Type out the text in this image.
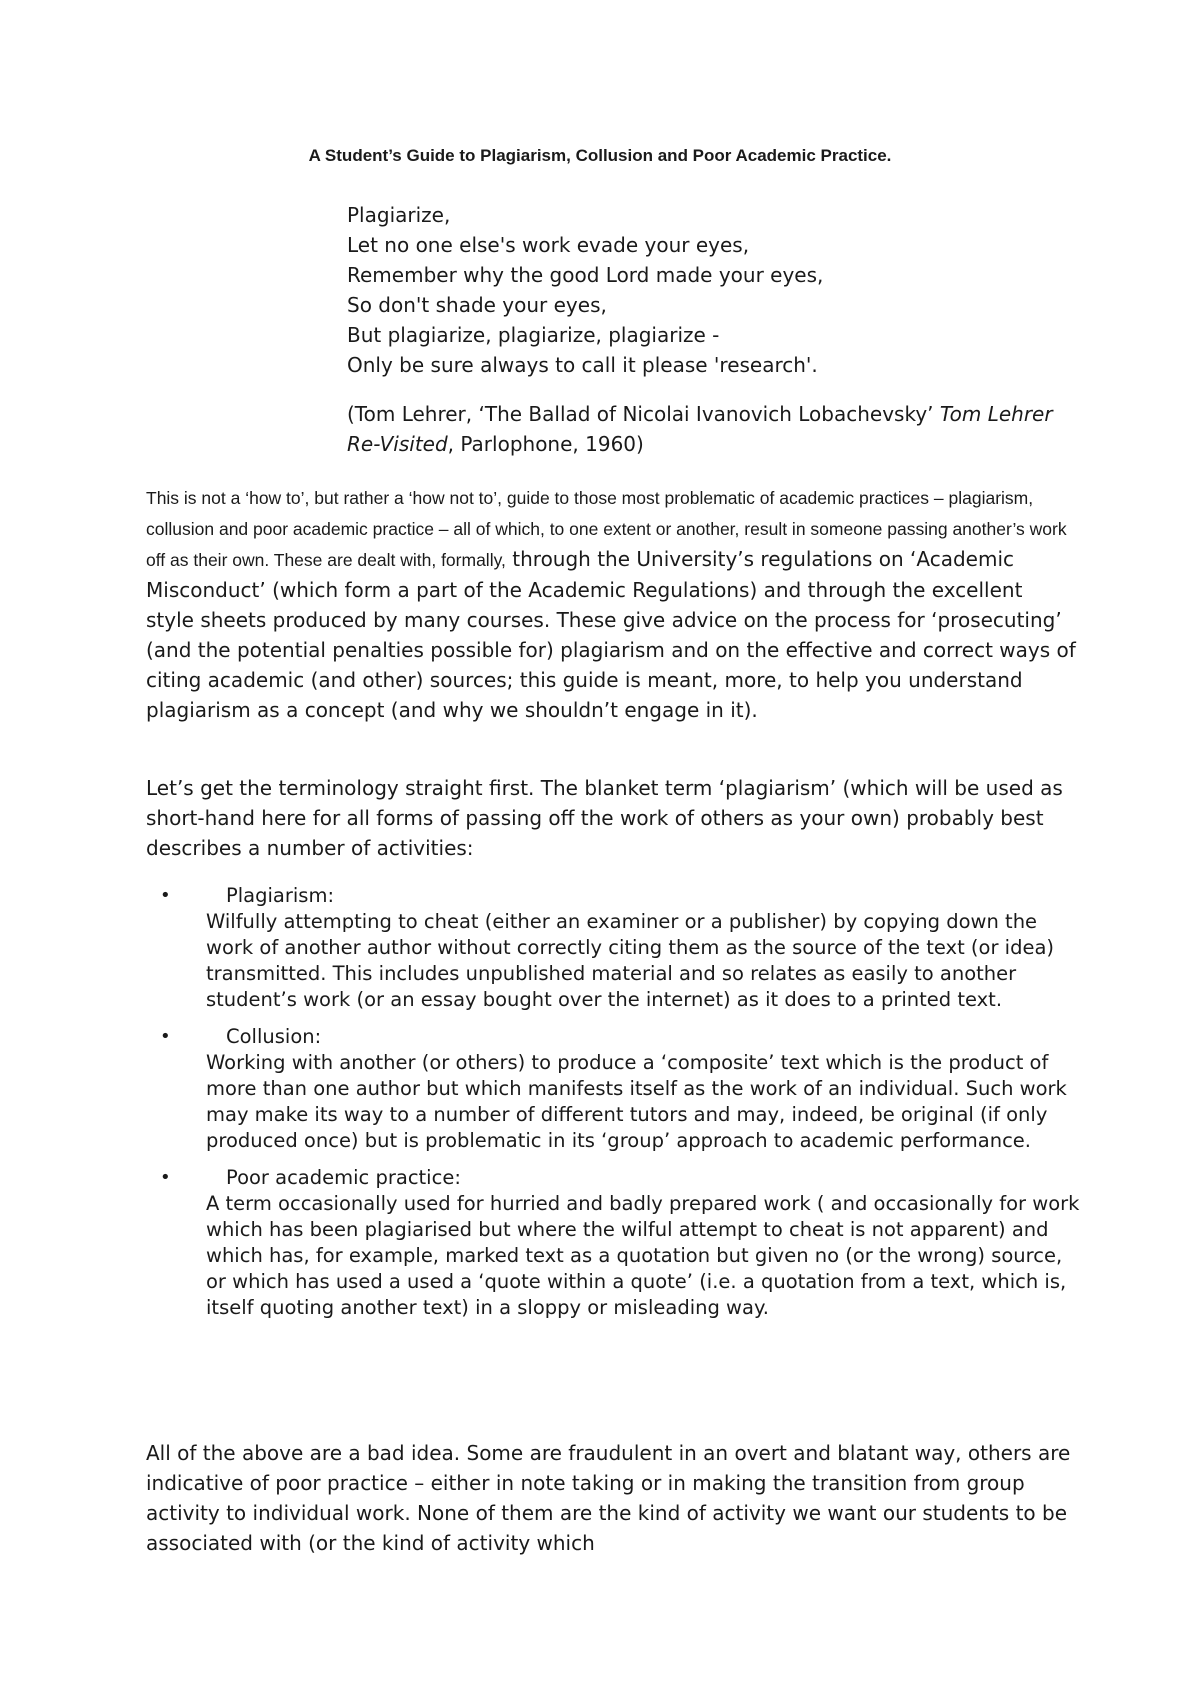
A Student’s Guide to Plagiarism, Collusion and Poor Academic Practice.
Plagiarize,
Let no one else's work evade your eyes,
Remember why the good Lord made your eyes,
So don't shade your eyes,
But plagiarize, plagiarize, plagiarize -
Only be sure always to call it please 'research'.
(Tom Lehrer, ‘The Ballad of Nicolai Ivanovich Lobachevsky’ Tom Lehrer Re-Visited, Parlophone, 1960)

This is not a ‘how to’, but rather a ‘how not to’, guide to those most problematic of academic practices – plagiarism, collusion and poor academic practice – all of which, to one extent or another, result in someone passing another’s work off as their own. These are dealt with, formally, through the University’s regulations on ‘Academic Misconduct’ (which form a part of the Academic Regulations) and through the excellent style sheets produced by many courses. These give advice on the process for ‘prosecuting’ (and the potential penalties possible for) plagiarism and on the effective and correct ways of citing academic (and other) sources; this guide is meant, more, to help you understand plagiarism as a concept (and why we shouldn’t engage in it).

Let’s get the terminology straight first. The blanket term ‘plagiarism’ (which will be used as short-hand here for all forms of passing off the work of others as your own) probably best describes a number of activities:

•	Plagiarism:
Wilfully attempting to cheat (either an examiner or a publisher) by copying down the work of another author without correctly citing them as the source of the text (or idea) transmitted. This includes unpublished material and so relates as easily to another student’s work (or an essay bought over the internet) as it does to a printed text.
•	Collusion:
Working with another (or others) to produce a ‘composite’ text which is the product of more than one author but which manifests itself as the work of an individual. Such work may make its way to a number of different tutors and may, indeed, be original (if only produced once) but is problematic in its ‘group’ approach to academic performance.
•	Poor academic practice:
A term occasionally used for hurried and badly prepared work ( and occasionally for work which has been plagiarised but where the wilful attempt to cheat is not apparent) and which has, for example, marked text as a quotation but given no (or the wrong) source, or which has used a used a ‘quote within a quote’ (i.e. a quotation from a text, which is, itself quoting another text) in a sloppy or misleading way.

All of the above are a bad idea. Some are fraudulent in an overt and blatant way, others are indicative of poor practice – either in note taking or in making the transition from group activity to individual work. None of them are the kind of activity we want our students to be associated with (or the kind of activity which
